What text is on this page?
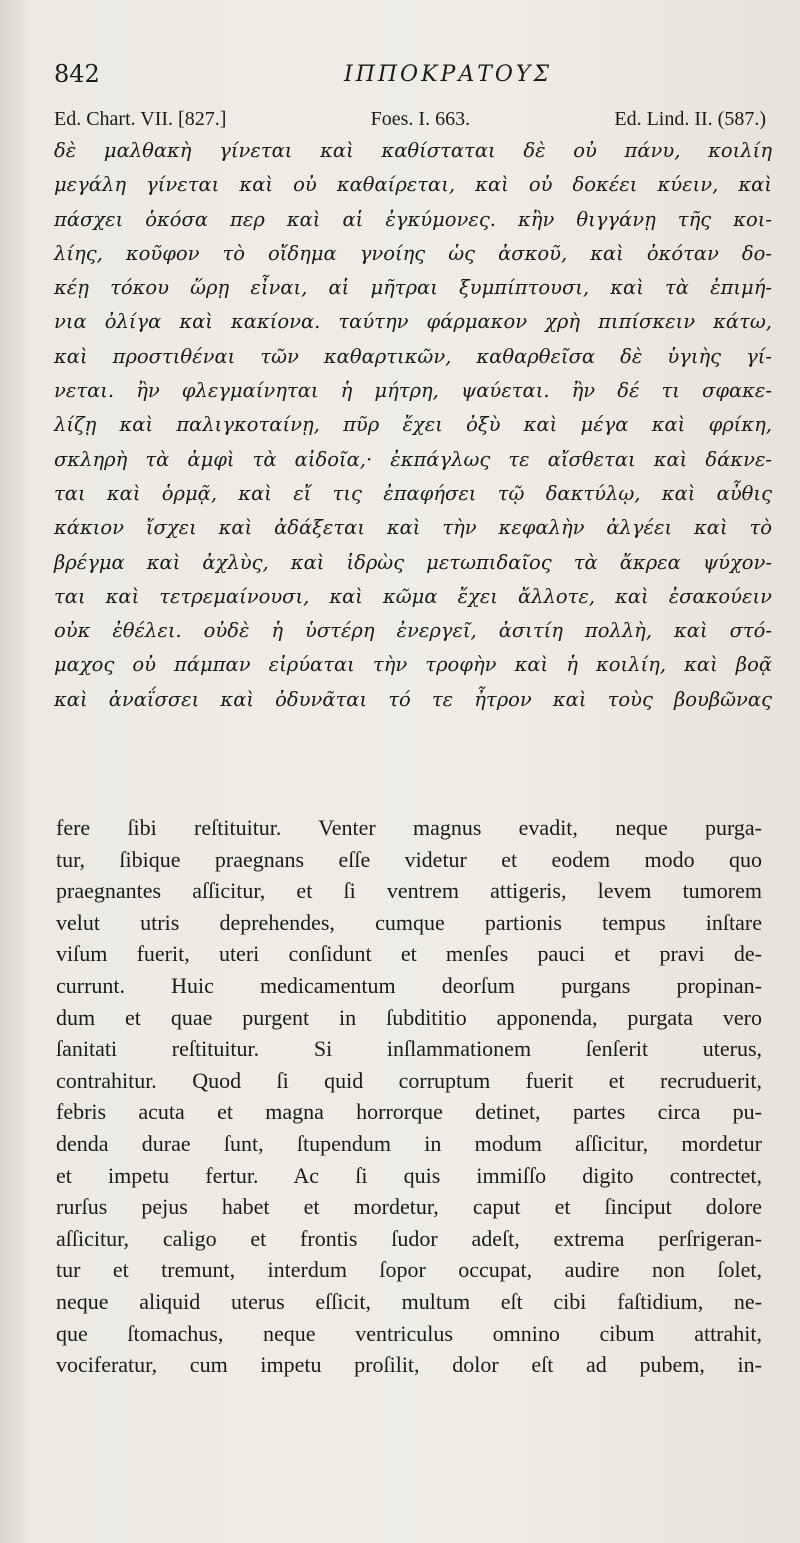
842	ΙΠΠΟΚΡΑΤΟΥΣ
Ed. Chart. VII. [827.]	Foes. I. 663.	Ed. Lind. II. (587.)
δὲ μαλθακὴ γίνεται καὶ καθίσταται δὲ οὐ πάνυ, κοιλίη
μεγάλη γίνεται καὶ οὐ καθαίρεται, καὶ οὐ δοκέει κύειν, καὶ
πάσχει ὁκόσα περ καὶ αἱ ἐγκύμονες. κἢν θιγγάνῃ τῆς κοι-
λίης, κοῦφον τὸ οἴδημα γνοίης ὡς ἀσκοῦ, καὶ ὁκόταν δο-
κέῃ τόκου ὥρῃ εἶναι, αἱ μῆτραι ξυμπίπτουσι, καὶ τὰ ἐπιμή-
νια ὀλίγα καὶ κακίονα. ταύτην φάρμακον χρὴ πιπίσκειν κάτω,
καὶ προστιθέναι τῶν καθαρτικῶν, καθαρθεῖσα δὲ ὑγιὴς γί-
νεται. ἢν φλεγμαίνηται ἡ μήτρη, ψαύεται. ἢν δέ τι σφακε-
λίζῃ καὶ παλιγκοταίνῃ, πῦρ ἔχει ὀξὺ καὶ μέγα καὶ φρίκη,
σκληρὴ τὰ ἀμφὶ τὰ αἰδοῖα,· ἐκπάγλως τε αἴσθεται καὶ δάκνε-
ται καὶ ὁρμᾷ, καὶ εἴ τις ἐπαφήσει τῷ δακτύλῳ, καὶ αὖθις
κάκιον ἴσχει καὶ ἀδάξεται καὶ τὴν κεφαλὴν ἀλγέει καὶ τὸ
βρέγμα καὶ ἀχλὺς, καὶ ἱδρὼς μετωπιδαῖος τὰ ἄκρεα ψύχον-
ται καὶ τετρεμαίνουσι, καὶ κῶμα ἔχει ἄλλοτε, καὶ ἐσακούειν
οὐκ ἐθέλει. οὐδὲ ἡ ὑστέρη ἐνεργεῖ, ἀσιτίη πολλὴ, καὶ στό-
μαχος οὐ πάμπαν εἰρύαται τὴν τροφὴν καὶ ἡ κοιλίη, καὶ βοᾷ
καὶ ἀναΐσσει καὶ ὀδυνᾶται τό τε ἦτρον καὶ τοὺς βουβῶνας
fere ſibi reſtituitur. Venter magnus evadit, neque purga-
tur, ſibique praegnans eſſe videtur et eodem modo quo
praegnantes aſſicitur, et ſi ventrem attigeris, levem tumorem
velut utris deprehendes, cumque partionis tempus inſtare
viſum fuerit, uteri conſidunt et menſes pauci et pravi de-
currunt. Huic medicamentum deorſum purgans propinan-
dum et quae purgent in ſubdititio apponenda, purgata vero
ſanitati reſtituitur. Si inſlammationem ſenſerit uterus,
contrahitur. Quod ſi quid corruptum fuerit et recruduerit,
febris acuta et magna horrorque detinet, partes circa pu-
denda durae ſunt, ſtupendum in modum aſſicitur, mordetur
et impetu fertur. Ac ſi quis immiſſo digito contrectet,
rurſus pejus habet et mordetur, caput et ſinciput dolore
aſſicitur, caligo et frontis ſudor adeſt, extrema perſrigeran-
tur et tremunt, interdum ſopor occupat, audire non ſolet,
neque aliquid uterus eſſicit, multum eſt cibi faſtidium, ne-
que ſtomachus, neque ventriculus omnino cibum attrahit,
vociferatur, cum impetu proſilit, dolor eſt ad pubem, in-
